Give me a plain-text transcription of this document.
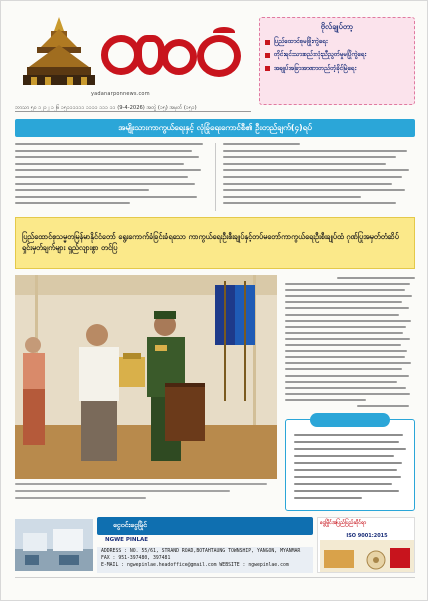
yadanarponnews.com
ဘာသာ ၅၀ ၁၂၁၂ ၁၂၆ ၁၅၁၁၁၁၁၁ ၁၁၁၁ ၁၁၁ ၁၁ (9-4-2026) အတွဲ (၁၅) အမှတ် (၁၅၁)
ဗိုလ်ချုပ်တာ့
ပြည်ထောင်စုမဖြိုးကွဲရေး
တိုင်းရင်းသားစည်းလုံးညီညွတ်မှုမပြိုကွဲရေး
အချုပ်အခြာအာဏာတည်တံ့ခိုင်မြဲရေး
အမျိုးသားကာကွယ်ရေးနှင့် လုံခြုံရေးကောင်စီ၏ ဦးတည်ချက်(၄)ရပ်
ပြည်ထောင်စုသမ္မတမြန်မာနိုင်ငံတော် ရွေးကောက်ခံခြင်းခံရသော ကာကွယ်ရေးဦးစီးချုပ်နှင့်တပ်မတော်ကာကွယ်ရေးဦးစီးချုပ်ထံ ဂုဏ်ပြုအမှတ်တံဆိပ်ရှင်းမှတ်ချက်များ ရှည်လျားစွာ တင်ပြ
ငွေဝင်းငွေမြိုင်
NGWE PINLAE
ADDRESS : NO. 55/61, STRAND ROAD,BOTAHTAUNG TOWNSHIP, YANGON, MYANMAR
FAX : 951-397480, 397481
E-MAIL : ngwepinlae.headoffice@gmail.com WEBSITE : ngwepinlae.com
ငွေမြိုင်အပြည်ပြည်ဆိုင်ရာ
ISO 9001:2015
